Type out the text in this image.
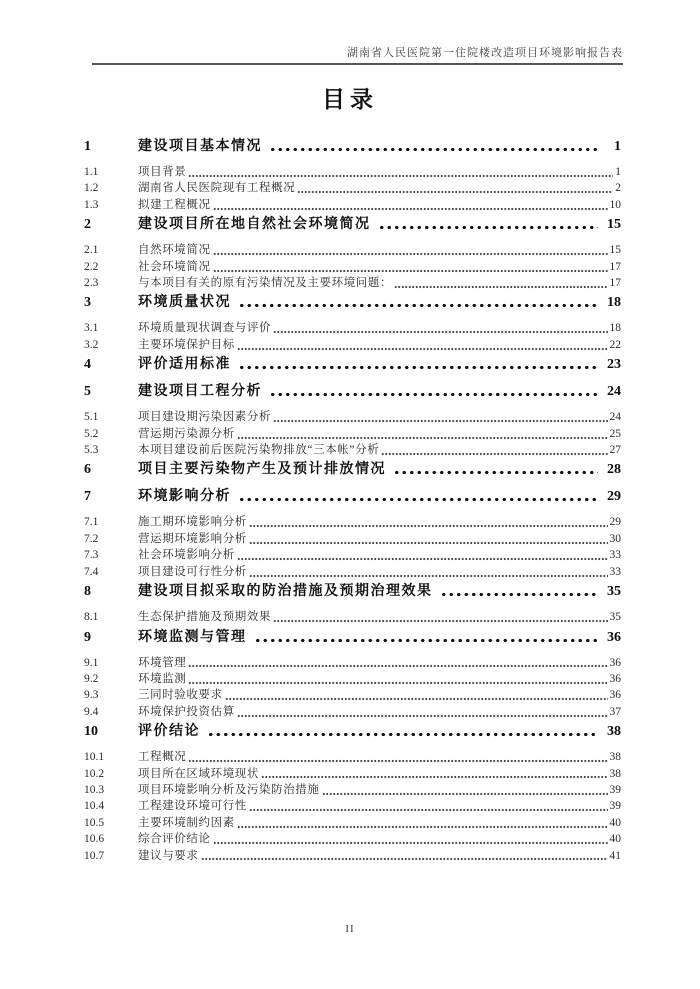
湖南省人民医院第一住院楼改造项目环境影响报告表
目录
1	建设项目基本情况	1
1.1	项目背景	1
1.2	湖南省人民医院现有工程概况	2
1.3	拟建工程概况	10
2	建设项目所在地自然社会环境简况	15
2.1	自然环境简况	15
2.2	社会环境简况	17
2.3	与本项目有关的原有污染情况及主要环境问题：	17
3	环境质量状况	18
3.1	环境质量现状调查与评价	18
3.2	主要环境保护目标	22
4	评价适用标准	23
5	建设项目工程分析	24
5.1	项目建设期污染因素分析	24
5.2	营运期污染源分析	25
5.3	本项目建设前后医院污染物排放“三本帐”分析	27
6	项目主要污染物产生及预计排放情况	28
7	环境影响分析	29
7.1	施工期环境影响分析	29
7.2	营运期环境影响分析	30
7.3	社会环境影响分析	33
7.4	项目建设可行性分析	33
8	建设项目拟采取的防治措施及预期治理效果	35
8.1	生态保护措施及预期效果	35
9	环境监测与管理	36
9.1	环境管理	36
9.2	环境监测	36
9.3	三同时验收要求	36
9.4	环境保护投资估算	37
10	评价结论	38
10.1	工程概况	38
10.2	项目所在区域环境现状	38
10.3	项目环境影响分析及污染防治措施	39
10.4	工程建设环境可行性	39
10.5	主要环境制约因素	40
10.6	综合评价结论	40
10.7	建议与要求	41
II
